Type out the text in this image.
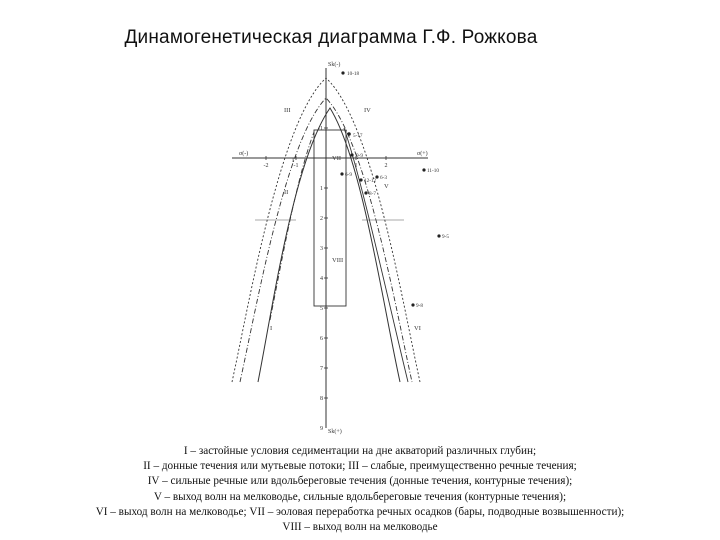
Динамогенетическая диаграмма Г.Ф. Рожкова
Sk(-)
Sk(+)
σ(-)	σ(+)
-1
1
2
3
4
5
6
7
8
9
-2	-1	1	2
III	IV
I
II
VII
V
VIII
I	VI
10-18
5-17
9-9
12-12
8-7
6-3
11-10
9-5
9-8
6-9
I – застойные условия седиментации на дне акваторий различных глубин;
II – донные течения или мутьевые потоки; III – слабые, преимущественно речные течения;
IV – сильные речные или вдольбереговые течения (донные течения, контурные течения);
V – выход волн на мелководье, сильные вдольбереговые течения (контурные течения);
VI – выход волн на мелководье; VII – эоловая переработка речных осадков (бары, подводные возвышенности);
VIII – выход волн на мелководье
